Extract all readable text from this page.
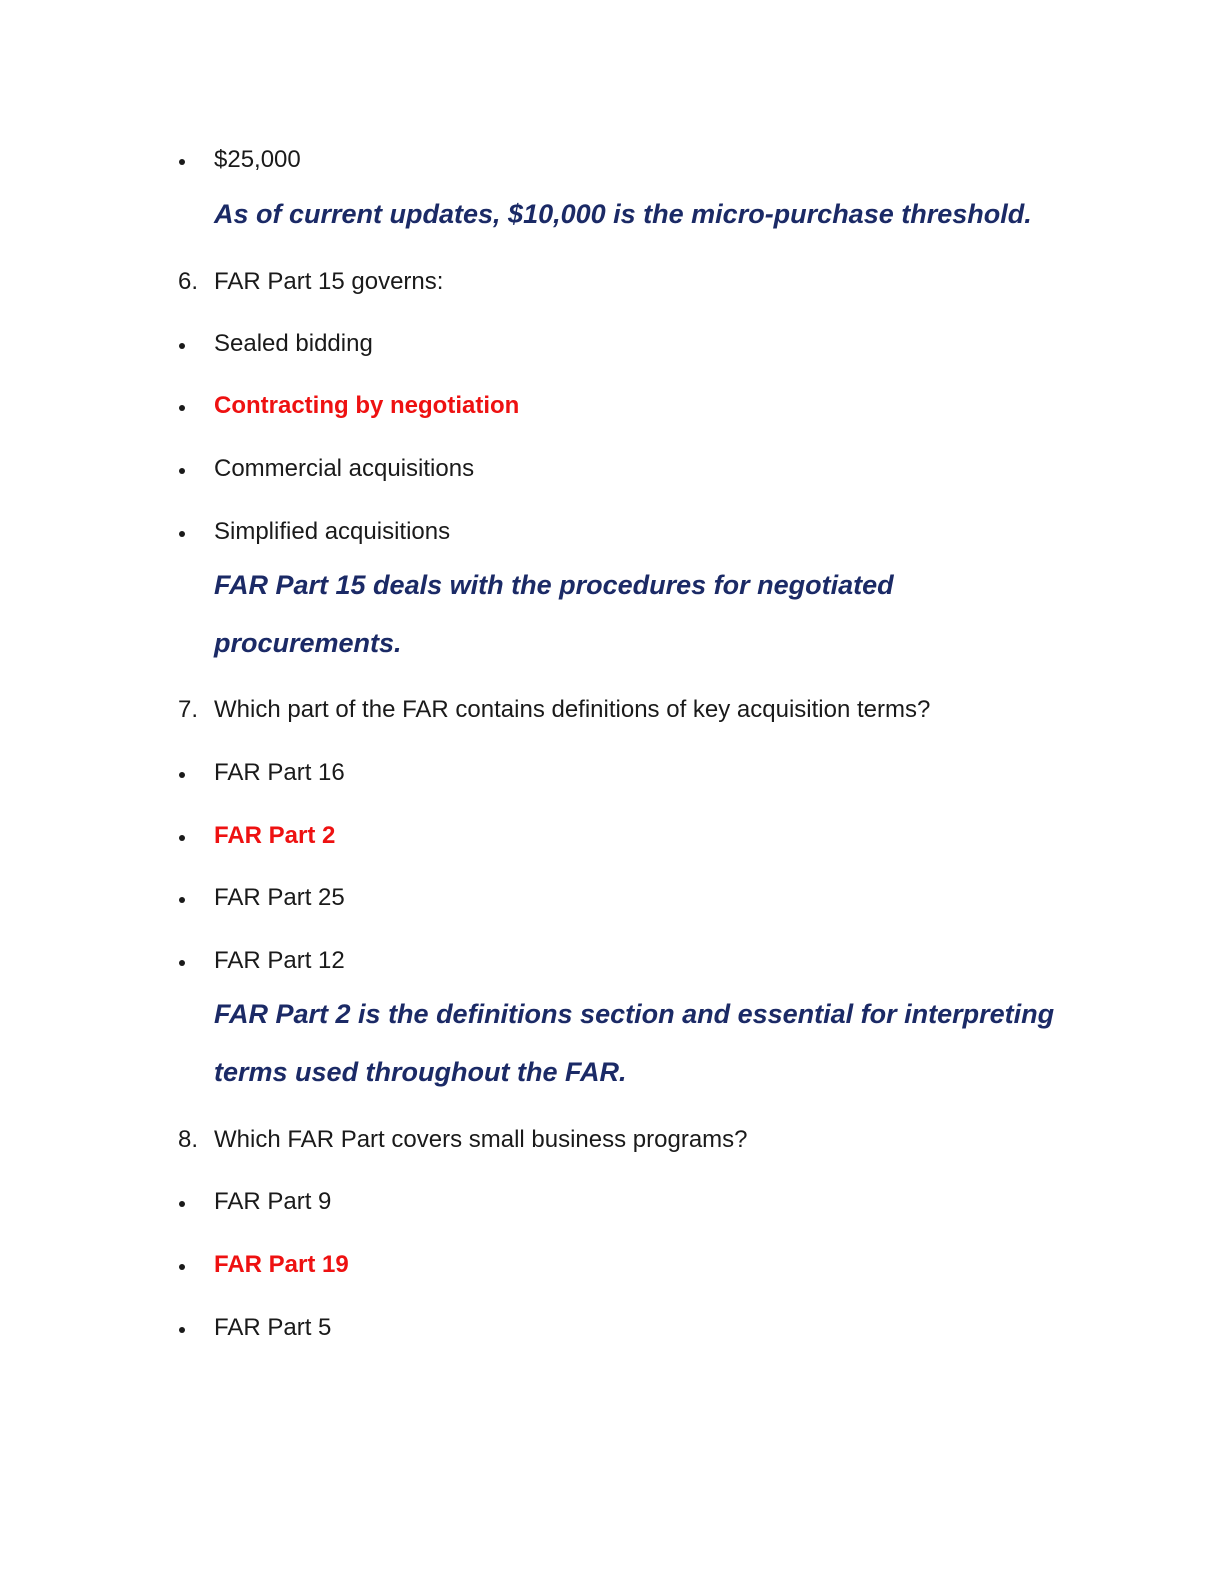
$25,000
As of current updates, $10,000 is the micro-purchase threshold.
6. FAR Part 15 governs:
Sealed bidding
Contracting by negotiation
Commercial acquisitions
Simplified acquisitions
FAR Part 15 deals with the procedures for negotiated
procurements.
7. Which part of the FAR contains definitions of key acquisition terms?
FAR Part 16
FAR Part 2
FAR Part 25
FAR Part 12
FAR Part 2 is the definitions section and essential for interpreting
terms used throughout the FAR.
8. Which FAR Part covers small business programs?
FAR Part 9
FAR Part 19
FAR Part 5
